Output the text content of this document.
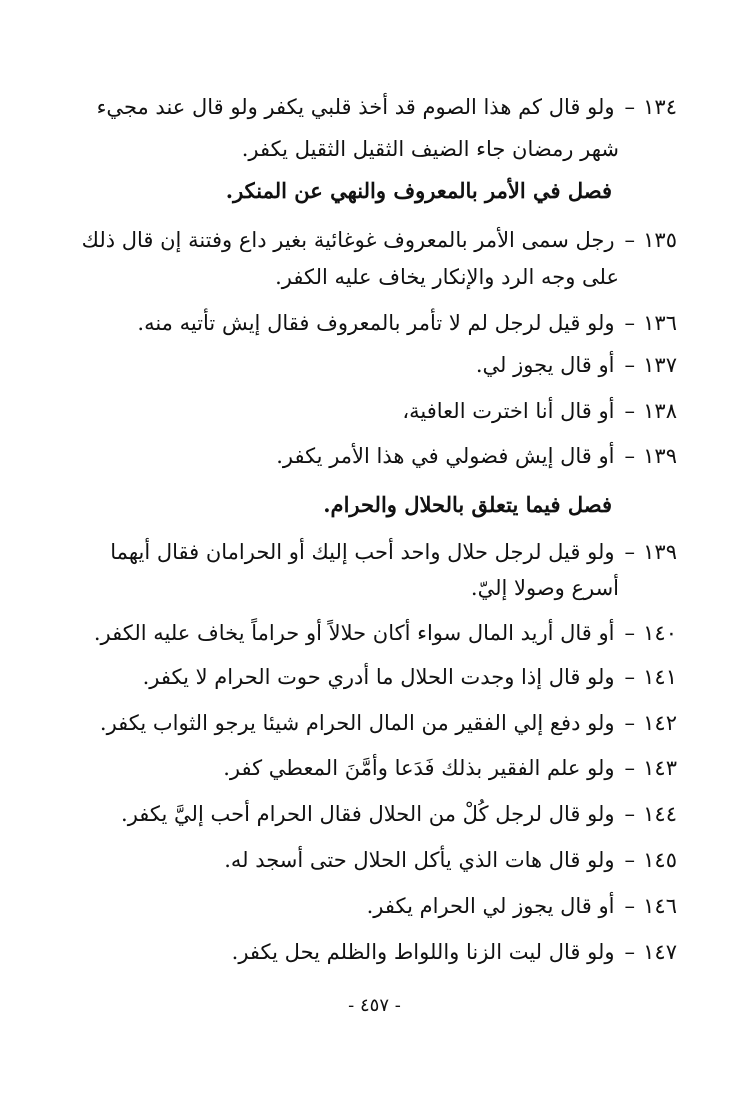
١٣٤–ولو قال كم هذا الصوم قد أخذ قلبي يكفر ولو قال عند مجيء
شهر رمضان جاء الضيف الثقيل الثقيل يكفر.
فصل في الأمر بالمعروف والنهي عن المنكر.
١٣٥–رجل سمى الأمر بالمعروف غوغائية بغير داع وفتنة إن قال ذلك
على وجه الرد والإنكار يخاف عليه الكفر.
١٣٦–ولو قيل لرجل لم لا تأمر بالمعروف فقال إيش تأتيه منه.
١٣٧–أو قال يجوز لي.
١٣٨–أو قال أنا اخترت العافية،
١٣٩–أو قال إيش فضولي في هذا الأمر يكفر.
فصل فيما يتعلق بالحلال والحرام.
١٣٩–ولو قيل لرجل حلال واحد أحب إليك أو الحرامان فقال أيهما
أسرع وصولا إليّ.
١٤٠–أو قال أريد المال سواء أكان حلالاً أو حراماً يخاف عليه الكفر.
١٤١–ولو قال إذا وجدت الحلال ما أدري حوت الحرام لا يكفر.
١٤٢–ولو دفع إلي الفقير من المال الحرام شيئا يرجو الثواب يكفر.
١٤٣–ولو علم الفقير بذلك فَدَعا وأمَّنَ المعطي كفر.
١٤٤–ولو قال لرجل كُلْ من الحلال فقال الحرام أحب إليَّ يكفر.
١٤٥–ولو قال هات الذي يأكل الحلال حتى أسجد له.
١٤٦–أو قال يجوز لي الحرام يكفر.
١٤٧–ولو قال ليت الزنا واللواط والظلم يحل يكفر.
- ٤٥٧ -
